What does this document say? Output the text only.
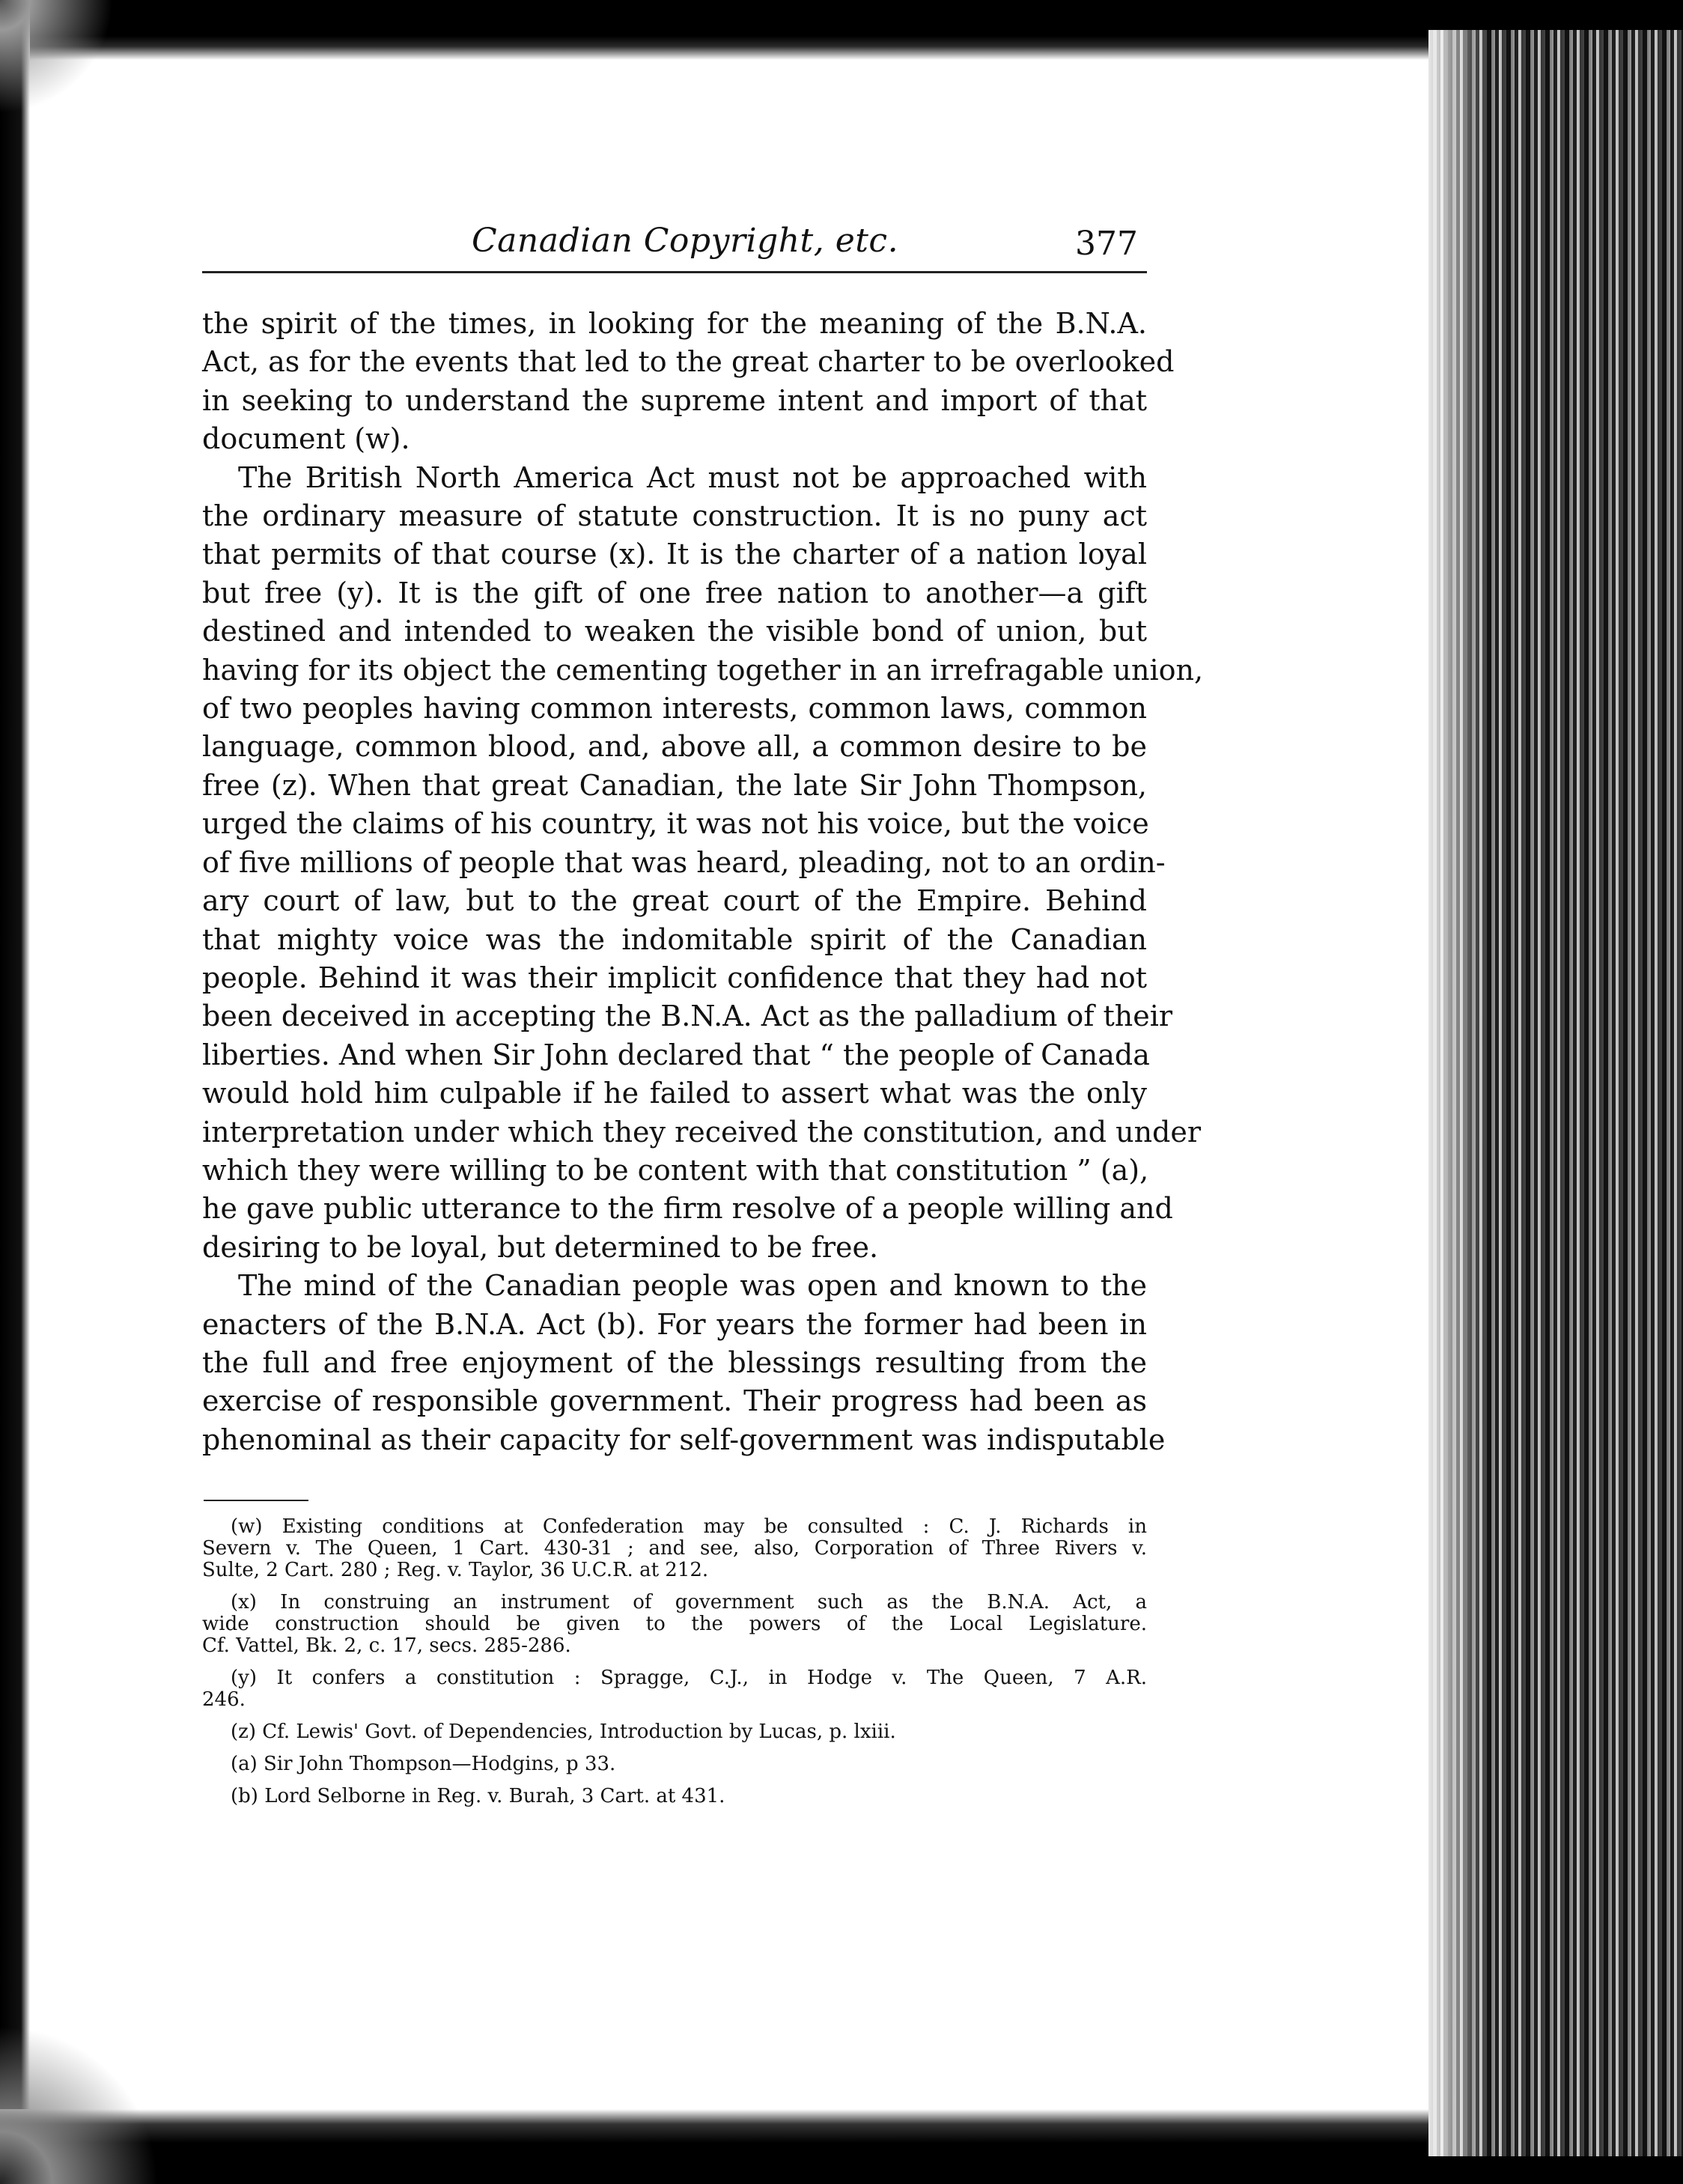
Canadian Copyright, etc.	377
the spirit of the times, in looking for the meaning of the B.N.A.
Act, as for the events that led to the great charter to be overlooked
in seeking to understand the supreme intent and import of that
document (w).
The British North America Act must not be approached with
the ordinary measure of statute construction. It is no puny act
that permits of that course (x). It is the charter of a nation loyal
but free (y). It is the gift of one free nation to another—a gift
destined and intended to weaken the visible bond of union, but
having for its object the cementing together in an irrefragable union,
of two peoples having common interests, common laws, common
language, common blood, and, above all, a common desire to be
free (z). When that great Canadian, the late Sir John Thompson,
urged the claims of his country, it was not his voice, but the voice
of five millions of people that was heard, pleading, not to an ordin-
ary court of law, but to the great court of the Empire. Behind
that mighty voice was the indomitable spirit of the Canadian
people. Behind it was their implicit confidence that they had not
been deceived in accepting the B.N.A. Act as the palladium of their
liberties. And when Sir John declared that “ the people of Canada
would hold him culpable if he failed to assert what was the only
interpretation under which they received the constitution, and under
which they were willing to be content with that constitution ” (a),
he gave public utterance to the firm resolve of a people willing and
desiring to be loyal, but determined to be free.
The mind of the Canadian people was open and known to the
enacters of the B.N.A. Act (b). For years the former had been in
the full and free enjoyment of the blessings resulting from the
exercise of responsible government. Their progress had been as
phenominal as their capacity for self-government was indisputable
(w) Existing conditions at Confederation may be consulted : C. J. Richards in
Severn v. The Queen, 1 Cart. 430-31 ; and see, also, Corporation of Three Rivers v.
Sulte, 2 Cart. 280 ; Reg. v. Taylor, 36 U.C.R. at 212.
(x) In construing an instrument of government such as the B.N.A. Act, a
wide construction should be given to the powers of the Local Legislature.
Cf. Vattel, Bk. 2, c. 17, secs. 285-286.
(y) It confers a constitution : Spragge, C.J., in Hodge v. The Queen, 7 A.R.
246.
(z) Cf. Lewis' Govt. of Dependencies, Introduction by Lucas, p. lxiii.
(a) Sir John Thompson—Hodgins, p 33.
(b) Lord Selborne in Reg. v. Burah, 3 Cart. at 431.
